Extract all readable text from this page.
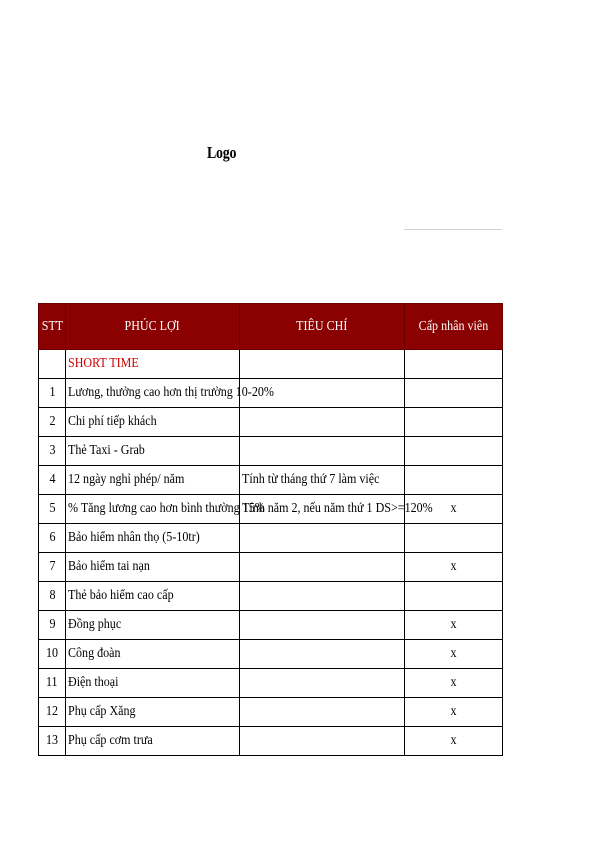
Logo
STT	PHÚC LỢI	TIÊU CHÍ	Cấp nhân viên
	SHORT TIME		
1	Lương, thưởng cao hơn thị trường 10-20%		
2	Chi phí tiếp khách		
3	Thẻ Taxi - Grab		
4	12 ngày nghỉ phép/ năm	Tính từ tháng thứ 7 làm việc	
5	% Tăng lương cao hơn bình thường 15%	Tính năm 2, nếu năm thứ 1 DS>=120%	x
6	Bảo hiểm nhân thọ (5-10tr)		
7	Bảo hiểm tai nạn		x
8	Thẻ bảo hiểm cao cấp		
9	Đồng phục		x
10	Công đoàn		x
11	Điện thoại		x
12	Phụ cấp Xăng		x
13	Phụ cấp cơm trưa		x
